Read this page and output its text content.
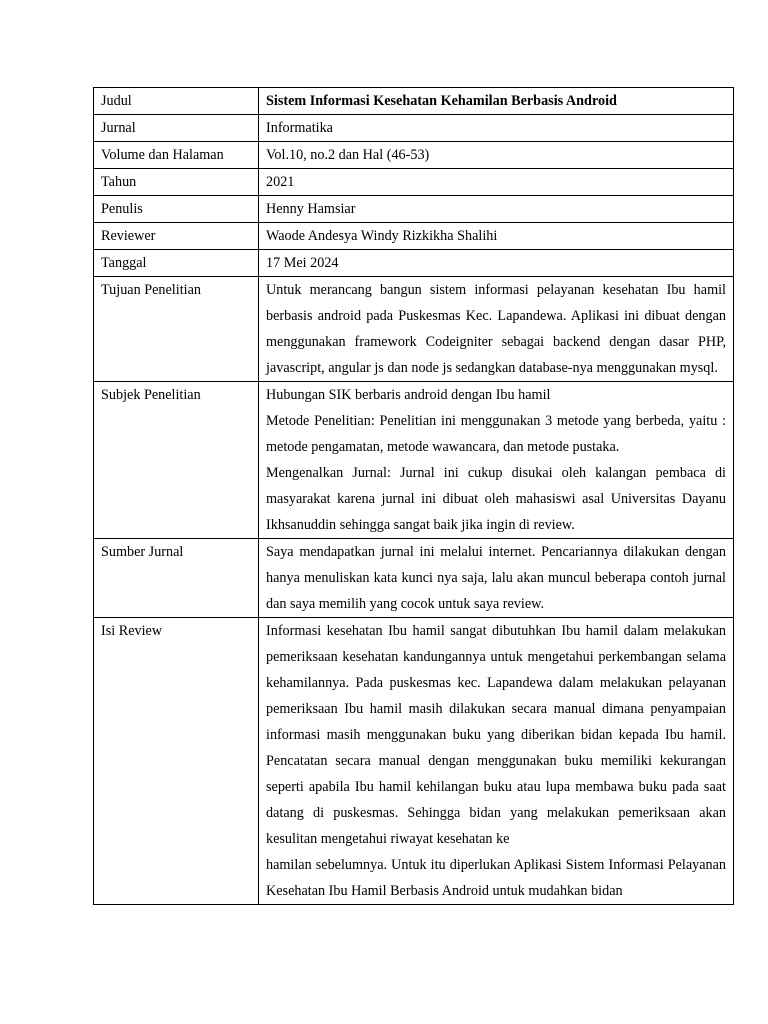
Judul	Sistem Informasi Kesehatan Kehamilan Berbasis Android
Jurnal	Informatika
Volume dan Halaman	Vol.10, no.2 dan Hal (46-53)
Tahun	2021
Penulis	Henny Hamsiar
Reviewer	Waode Andesya Windy Rizkikha Shalihi
Tanggal	17 Mei 2024
Tujuan Penelitian	Untuk merancang bangun sistem informasi pelayanan kesehatan Ibu hamil berbasis android pada Puskesmas Kec. Lapandewa. Aplikasi ini dibuat dengan menggunakan framework Codeigniter sebagai backend dengan dasar PHP, javascript, angular js dan node js sedangkan database-nya menggunakan mysql.
Subjek Penelitian	Hubungan SIK berbaris android dengan Ibu hamil

Metode Penelitian: Penelitian ini menggunakan 3 metode yang berbeda, yaitu : metode pengamatan, metode wawancara, dan metode pustaka.

Mengenalkan Jurnal: Jurnal ini cukup disukai oleh kalangan pembaca di masyarakat karena jurnal ini dibuat oleh mahasiswi asal Universitas Dayanu Ikhsanuddin sehingga sangat baik jika ingin di review.

Sumber Jurnal	Saya mendapatkan jurnal ini melalui internet. Pencariannya dilakukan dengan hanya menuliskan kata kunci nya saja, lalu akan muncul beberapa contoh jurnal dan saya memilih yang cocok untuk saya review.
Isi Review	Informasi kesehatan Ibu hamil sangat dibutuhkan Ibu hamil dalam melakukan pemeriksaan kesehatan kandungannya untuk mengetahui perkembangan selama kehamilannya. Pada puskesmas kec. Lapandewa dalam melakukan pelayanan pemeriksaan Ibu hamil masih dilakukan secara manual dimana penyampaian informasi masih menggunakan buku yang diberikan bidan kepada Ibu hamil. Pencatatan secara manual dengan menggunakan buku memiliki kekurangan seperti apabila Ibu hamil kehilangan buku atau lupa membawa buku pada saat datang di puskesmas. Sehingga bidan yang melakukan pemeriksaan akan kesulitan mengetahui riwayat kesehatan ke

hamilan sebelumnya. Untuk itu diperlukan Aplikasi Sistem Informasi Pelayanan Kesehatan Ibu Hamil Berbasis Android untuk mudahkan bidan
